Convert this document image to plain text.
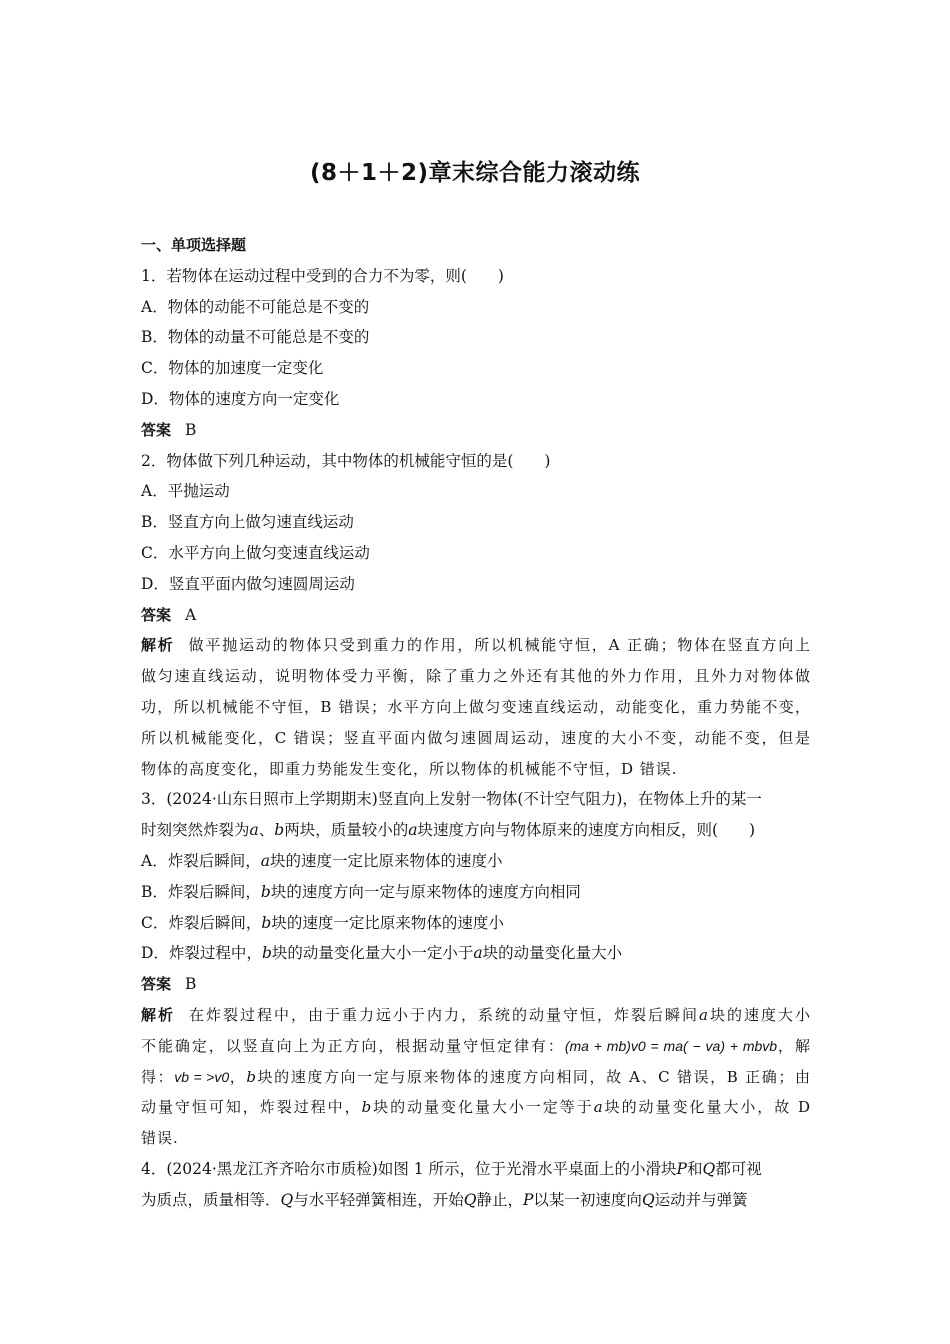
(8＋1＋2)章末综合能力滚动练
一、单项选择题
1．若物体在运动过程中受到的合力不为零，则(　　)
A．物体的动能不可能总是不变的
B．物体的动量不可能总是不变的
C．物体的加速度一定变化
D．物体的速度方向一定变化
答案 B
2．物体做下列几种运动，其中物体的机械能守恒的是(　　)
A．平抛运动
B．竖直方向上做匀速直线运动
C．水平方向上做匀变速直线运动
D．竖直平面内做匀速圆周运动
答案 A
解析 做平抛运动的物体只受到重力的作用，所以机械能守恒，A 正确；物体在竖直方向上
做匀速直线运动，说明物体受力平衡，除了重力之外还有其他的外力作用，且外力对物体做
功，所以机械能不守恒，B 错误；水平方向上做匀变速直线运动，动能变化，重力势能不变，
所以机械能变化，C 错误；竖直平面内做匀速圆周运动，速度的大小不变，动能不变，但是
物体的高度变化，即重力势能发生变化，所以物体的机械能不守恒，D 错误.
3．(2024·山东日照市上学期期末)竖直向上发射一物体(不计空气阻力)，在物体上升的某一
时刻突然炸裂为a、b两块，质量较小的a块速度方向与物体原来的速度方向相反，则(　　)
A．炸裂后瞬间，a块的速度一定比原来物体的速度小
B．炸裂后瞬间，b块的速度方向一定与原来物体的速度方向相同
C．炸裂后瞬间，b块的速度一定比原来物体的速度小
D．炸裂过程中，b块的动量变化量大小一定小于a块的动量变化量大小
答案 B
解析 在炸裂过程中，由于重力远小于内力，系统的动量守恒，炸裂后瞬间a块的速度大小
不能确定，以竖直向上为正方向，根据动量守恒定律有：(ma + mb)v0 = ma( − va) + mbvb，解
得：vb = >v0，b块的速度方向一定与原来物体的速度方向相同，故 A、C 错误，B 正确；由
动量守恒可知，炸裂过程中，b块的动量变化量大小一定等于a块的动量变化量大小，故 D
错误.
4．(2024·黑龙江齐齐哈尔市质检)如图 1 所示，位于光滑水平桌面上的小滑块P和Q都可视
为质点，质量相等．Q与水平轻弹簧相连，开始Q静止，P以某一初速度向Q运动并与弹簧
